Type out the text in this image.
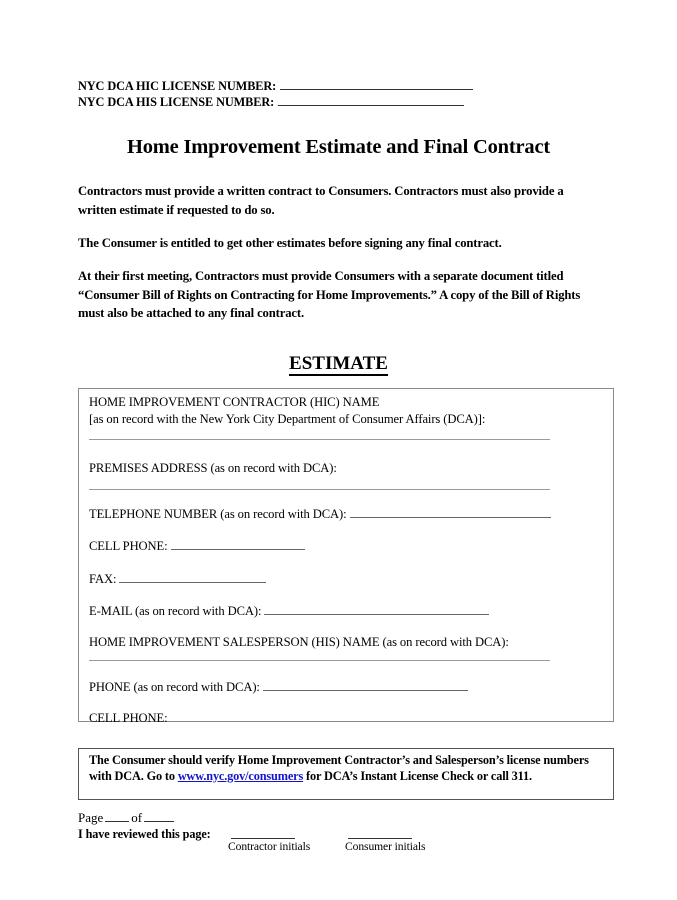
NYC DCA HIC LICENSE NUMBER:
NYC DCA HIS LICENSE NUMBER:
Home Improvement Estimate and Final Contract
Contractors must provide a written contract to Consumers. Contractors must also provide a written estimate if requested to do so.
The Consumer is entitled to get other estimates before signing any final contract.
At their first meeting, Contractors must provide Consumers with a separate document titled “Consumer Bill of Rights on Contracting for Home Improvements.” A copy of the Bill of Rights must also be attached to any final contract.
ESTIMATE
HOME IMPROVEMENT CONTRACTOR (HIC) NAME
[as on record with the New York City Department of Consumer Affairs (DCA)]:
PREMISES ADDRESS (as on record with DCA):
TELEPHONE NUMBER (as on record with DCA):
CELL PHONE:
FAX:
E-MAIL (as on record with DCA):
HOME IMPROVEMENT SALESPERSON (HIS) NAME (as on record with DCA):
PHONE (as on record with DCA):
CELL PHONE:
The Consumer should verify Home Improvement Contractor’s and Salesperson’s license numbers with DCA. Go to www.nyc.gov/consumers for DCA’s Instant License Check or call 311.
Page of
I have reviewed this page:
Contractor initials	Consumer initials
